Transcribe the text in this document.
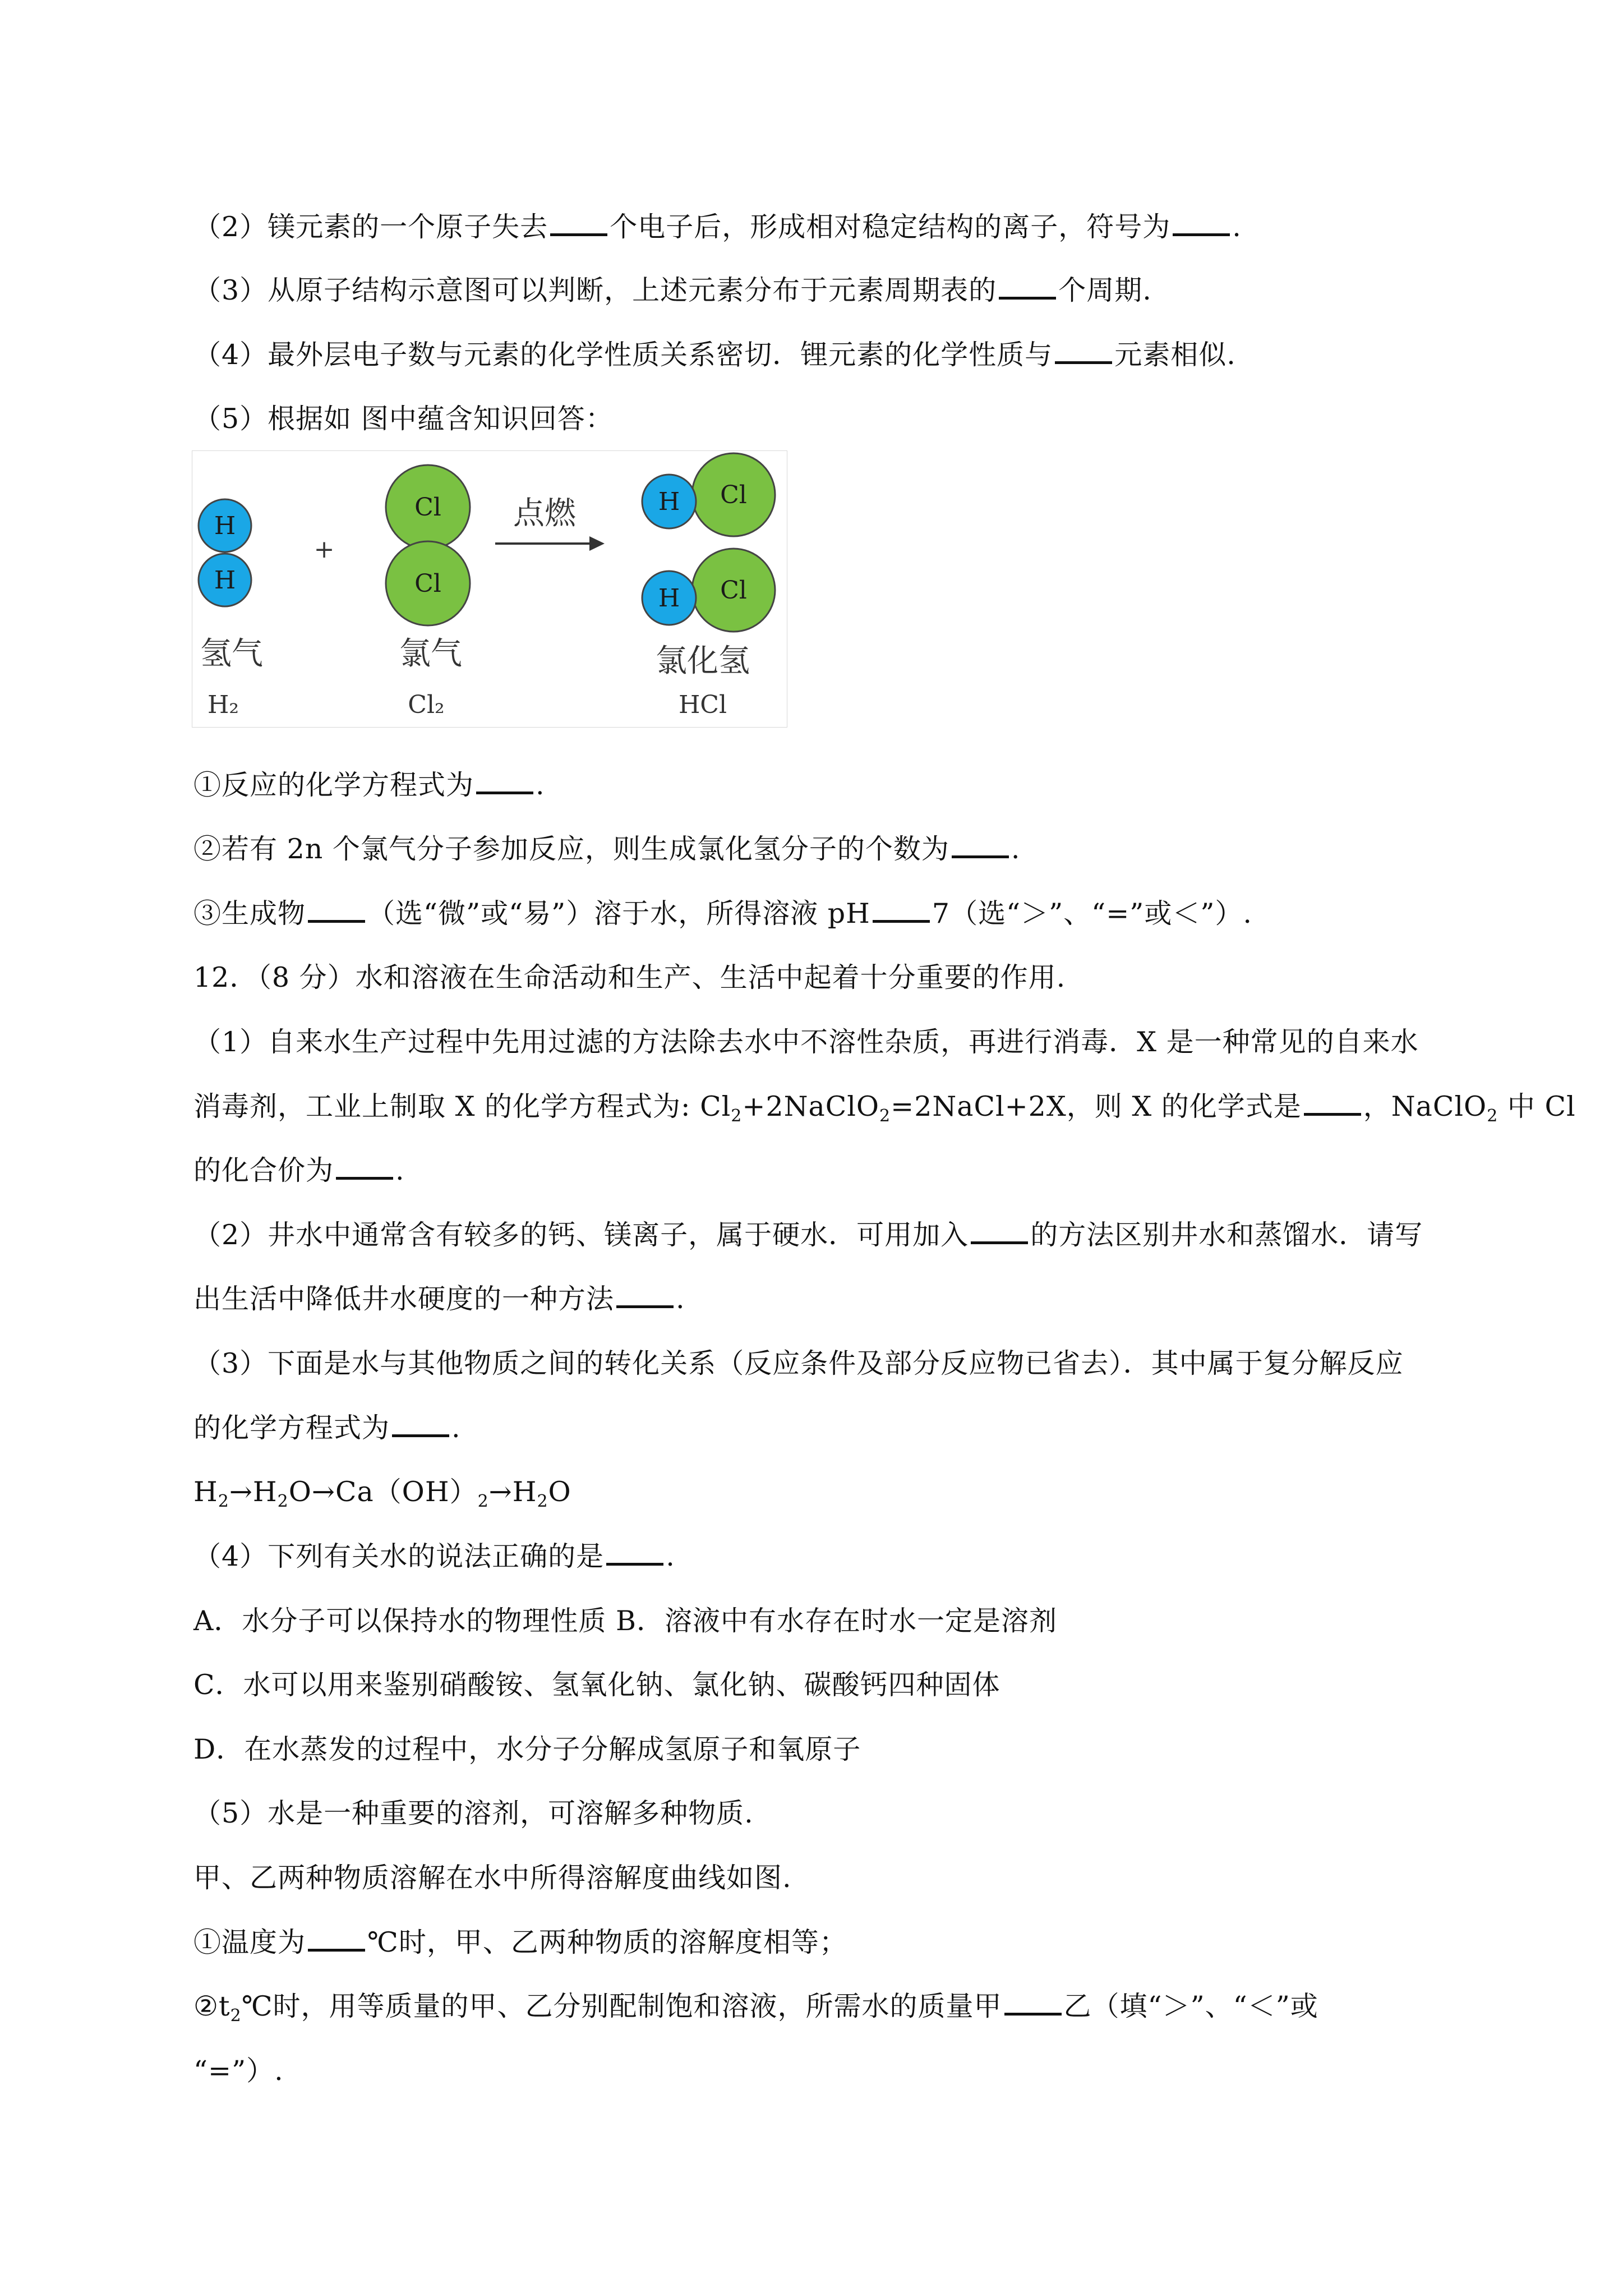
（2）镁元素的一个原子失去 个电子后，形成相对稳定结构的离子，符号为 .
（3）从原子结构示意图可以判断，上述元素分布于元素周期表的 个周期.
（4）最外层电子数与元素的化学性质关系密切．锂元素的化学性质与 元素相似.
（5）根据如 图中蕴含知识回答：
H
H
+
Cl
Cl
点燃
Cl
H
Cl
H
氢气	氯气	氯化氢
H₂	Cl₂	HCl
①反应的化学方程式为 .
②若有 2n 个氯气分子参加反应，则生成氯化氢分子的个数为 .
③生成物 （选“微”或“易”）溶于水，所得溶液 pH 7（选“＞”、“=”或＜”）.
12．（8 分）水和溶液在生命活动和生产、生活中起着十分重要的作用.
（1）自来水生产过程中先用过滤的方法除去水中不溶性杂质，再进行消毒．X 是一种常见的自来水
消毒剂，工业上制取 X 的化学方程式为: $Cl_2+2NaClO_2=2NaCl+2X$，则 X 的化学式是 ，NaClO$_2$ 中 Cl
的化合价为 .
（2）井水中通常含有较多的钙、镁离子，属于硬水．可用加入 的方法区别井水和蒸馏水．请写
出生活中降低井水硬度的一种方法 .
（3）下面是水与其他物质之间的转化关系（反应条件及部分反应物已省去）．其中属于复分解反应
的化学方程式为 .
$H_2\to H_2O\to Ca(OH)_2\to H_2O$
（4）下列有关水的说法正确的是 .
A．水分子可以保持水的物理性质 B．溶液中有水存在时水一定是溶剂
C．水可以用来鉴别硝酸铵、氢氧化钠、氯化钠、碳酸钙四种固体
D．在水蒸发的过程中，水分子分解成氢原子和氧原子
（5）水是一种重要的溶剂，可溶解多种物质.
甲、乙两种物质溶解在水中所得溶解度曲线如图.
①温度为 ℃时，甲、乙两种物质的溶解度相等；
$②t_2℃$时，用等质量的甲、乙分别配制饱和溶液，所需水的质量甲 乙（填“＞”、“＜”或
“=”）.
